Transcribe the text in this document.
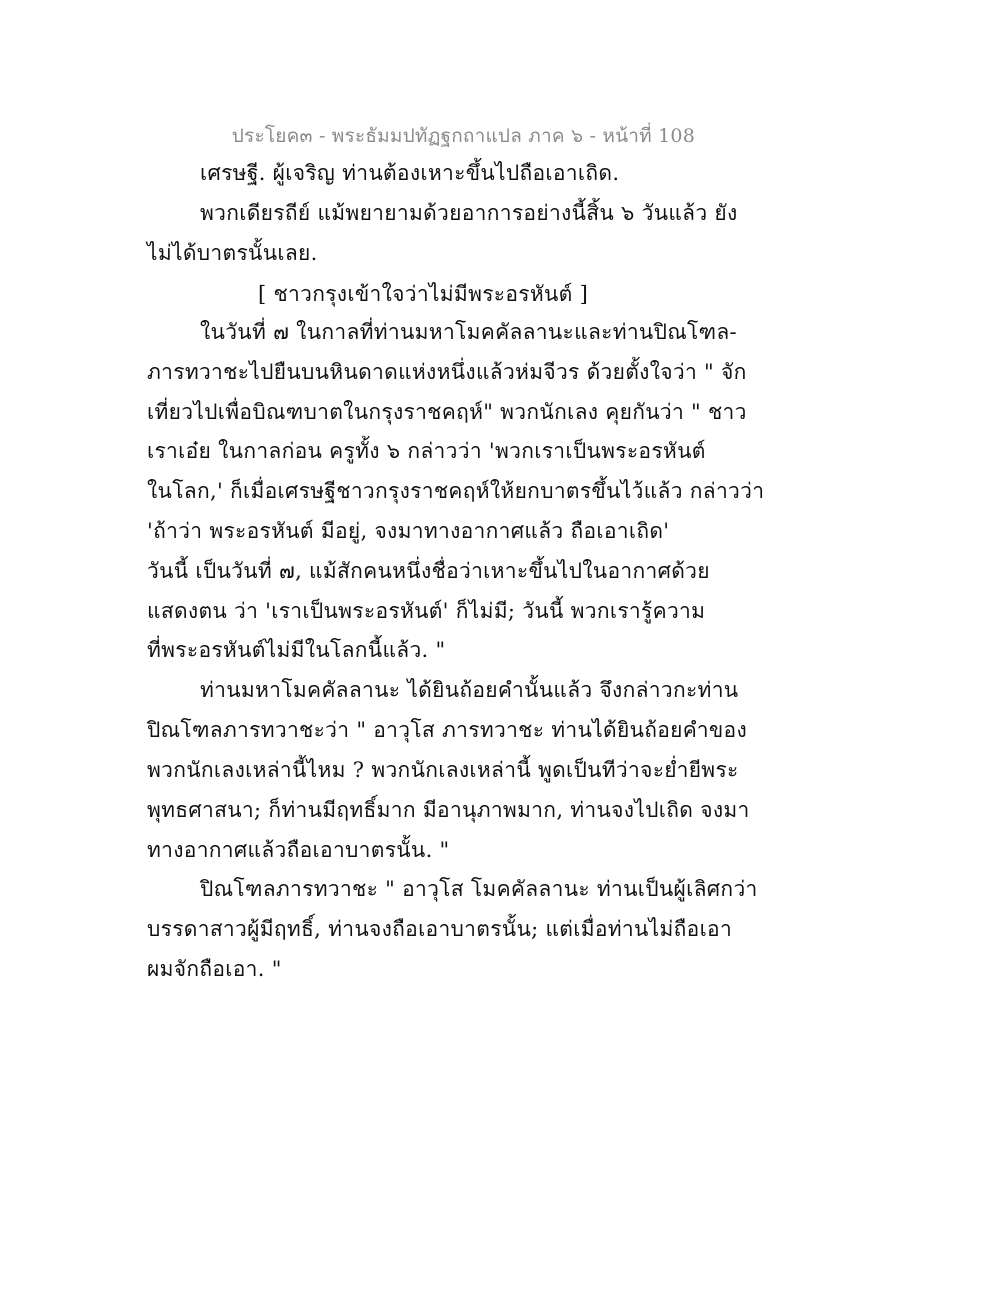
ประโยค๓ - พระธัมมปทัฏฐกถาแปล ภาค ๖ - หน้าที่ 108
เศรษฐี. ผู้เจริญ ท่านต้องเหาะขึ้นไปถือเอาเถิด.
พวกเดียรถีย์ แม้พยายามด้วยอาการอย่างนี้สิ้น ๖ วันแล้ว ยัง
ไม่ได้บาตรนั้นเลย.
[ ชาวกรุงเข้าใจว่าไม่มีพระอรหันต์ ]
ในวันที่ ๗ ในกาลที่ท่านมหาโมคคัลลานะและท่านปิณโฑล-
ภารทวาชะไปยืนบนหินดาดแห่งหนึ่งแล้วห่มจีวร ด้วยตั้งใจว่า " จัก
เที่ยวไปเพื่อบิณฑบาตในกรุงราชคฤห์" พวกนักเลง คุยกันว่า " ชาว
เราเอ๋ย ในกาลก่อน ครูทั้ง ๖ กล่าวว่า 'พวกเราเป็นพระอรหันต์
ในโลก,' ก็เมื่อเศรษฐีชาวกรุงราชคฤห์ให้ยกบาตรขึ้นไว้แล้ว กล่าวว่า
'ถ้าว่า พระอรหันต์ มีอยู่, จงมาทางอากาศแล้ว ถือเอาเถิด'
วันนี้ เป็นวันที่ ๗, แม้สักคนหนึ่งชื่อว่าเหาะขึ้นไปในอากาศด้วย
แสดงตน ว่า 'เราเป็นพระอรหันต์' ก็ไม่มี; วันนี้ พวกเรารู้ความ
ที่พระอรหันต์ไม่มีในโลกนี้แล้ว. "
ท่านมหาโมคคัลลานะ ได้ยินถ้อยคำนั้นแล้ว จึงกล่าวกะท่าน
ปิณโฑลภารทวาชะว่า " อาวุโส ภารทวาชะ ท่านได้ยินถ้อยคำของ
พวกนักเลงเหล่านี้ไหม ? พวกนักเลงเหล่านี้ พูดเป็นทีว่าจะย่ำยีพระ
พุทธศาสนา; ก็ท่านมีฤทธิ์มาก มีอานุภาพมาก, ท่านจงไปเถิด จงมา
ทางอากาศแล้วถือเอาบาตรนั้น. "
ปิณโฑลภารทวาชะ " อาวุโส โมคคัลลานะ ท่านเป็นผู้เลิศกว่า
บรรดาสาวผู้มีฤทธิ์, ท่านจงถือเอาบาตรนั้น; แต่เมื่อท่านไม่ถือเอา
ผมจักถือเอา. "
